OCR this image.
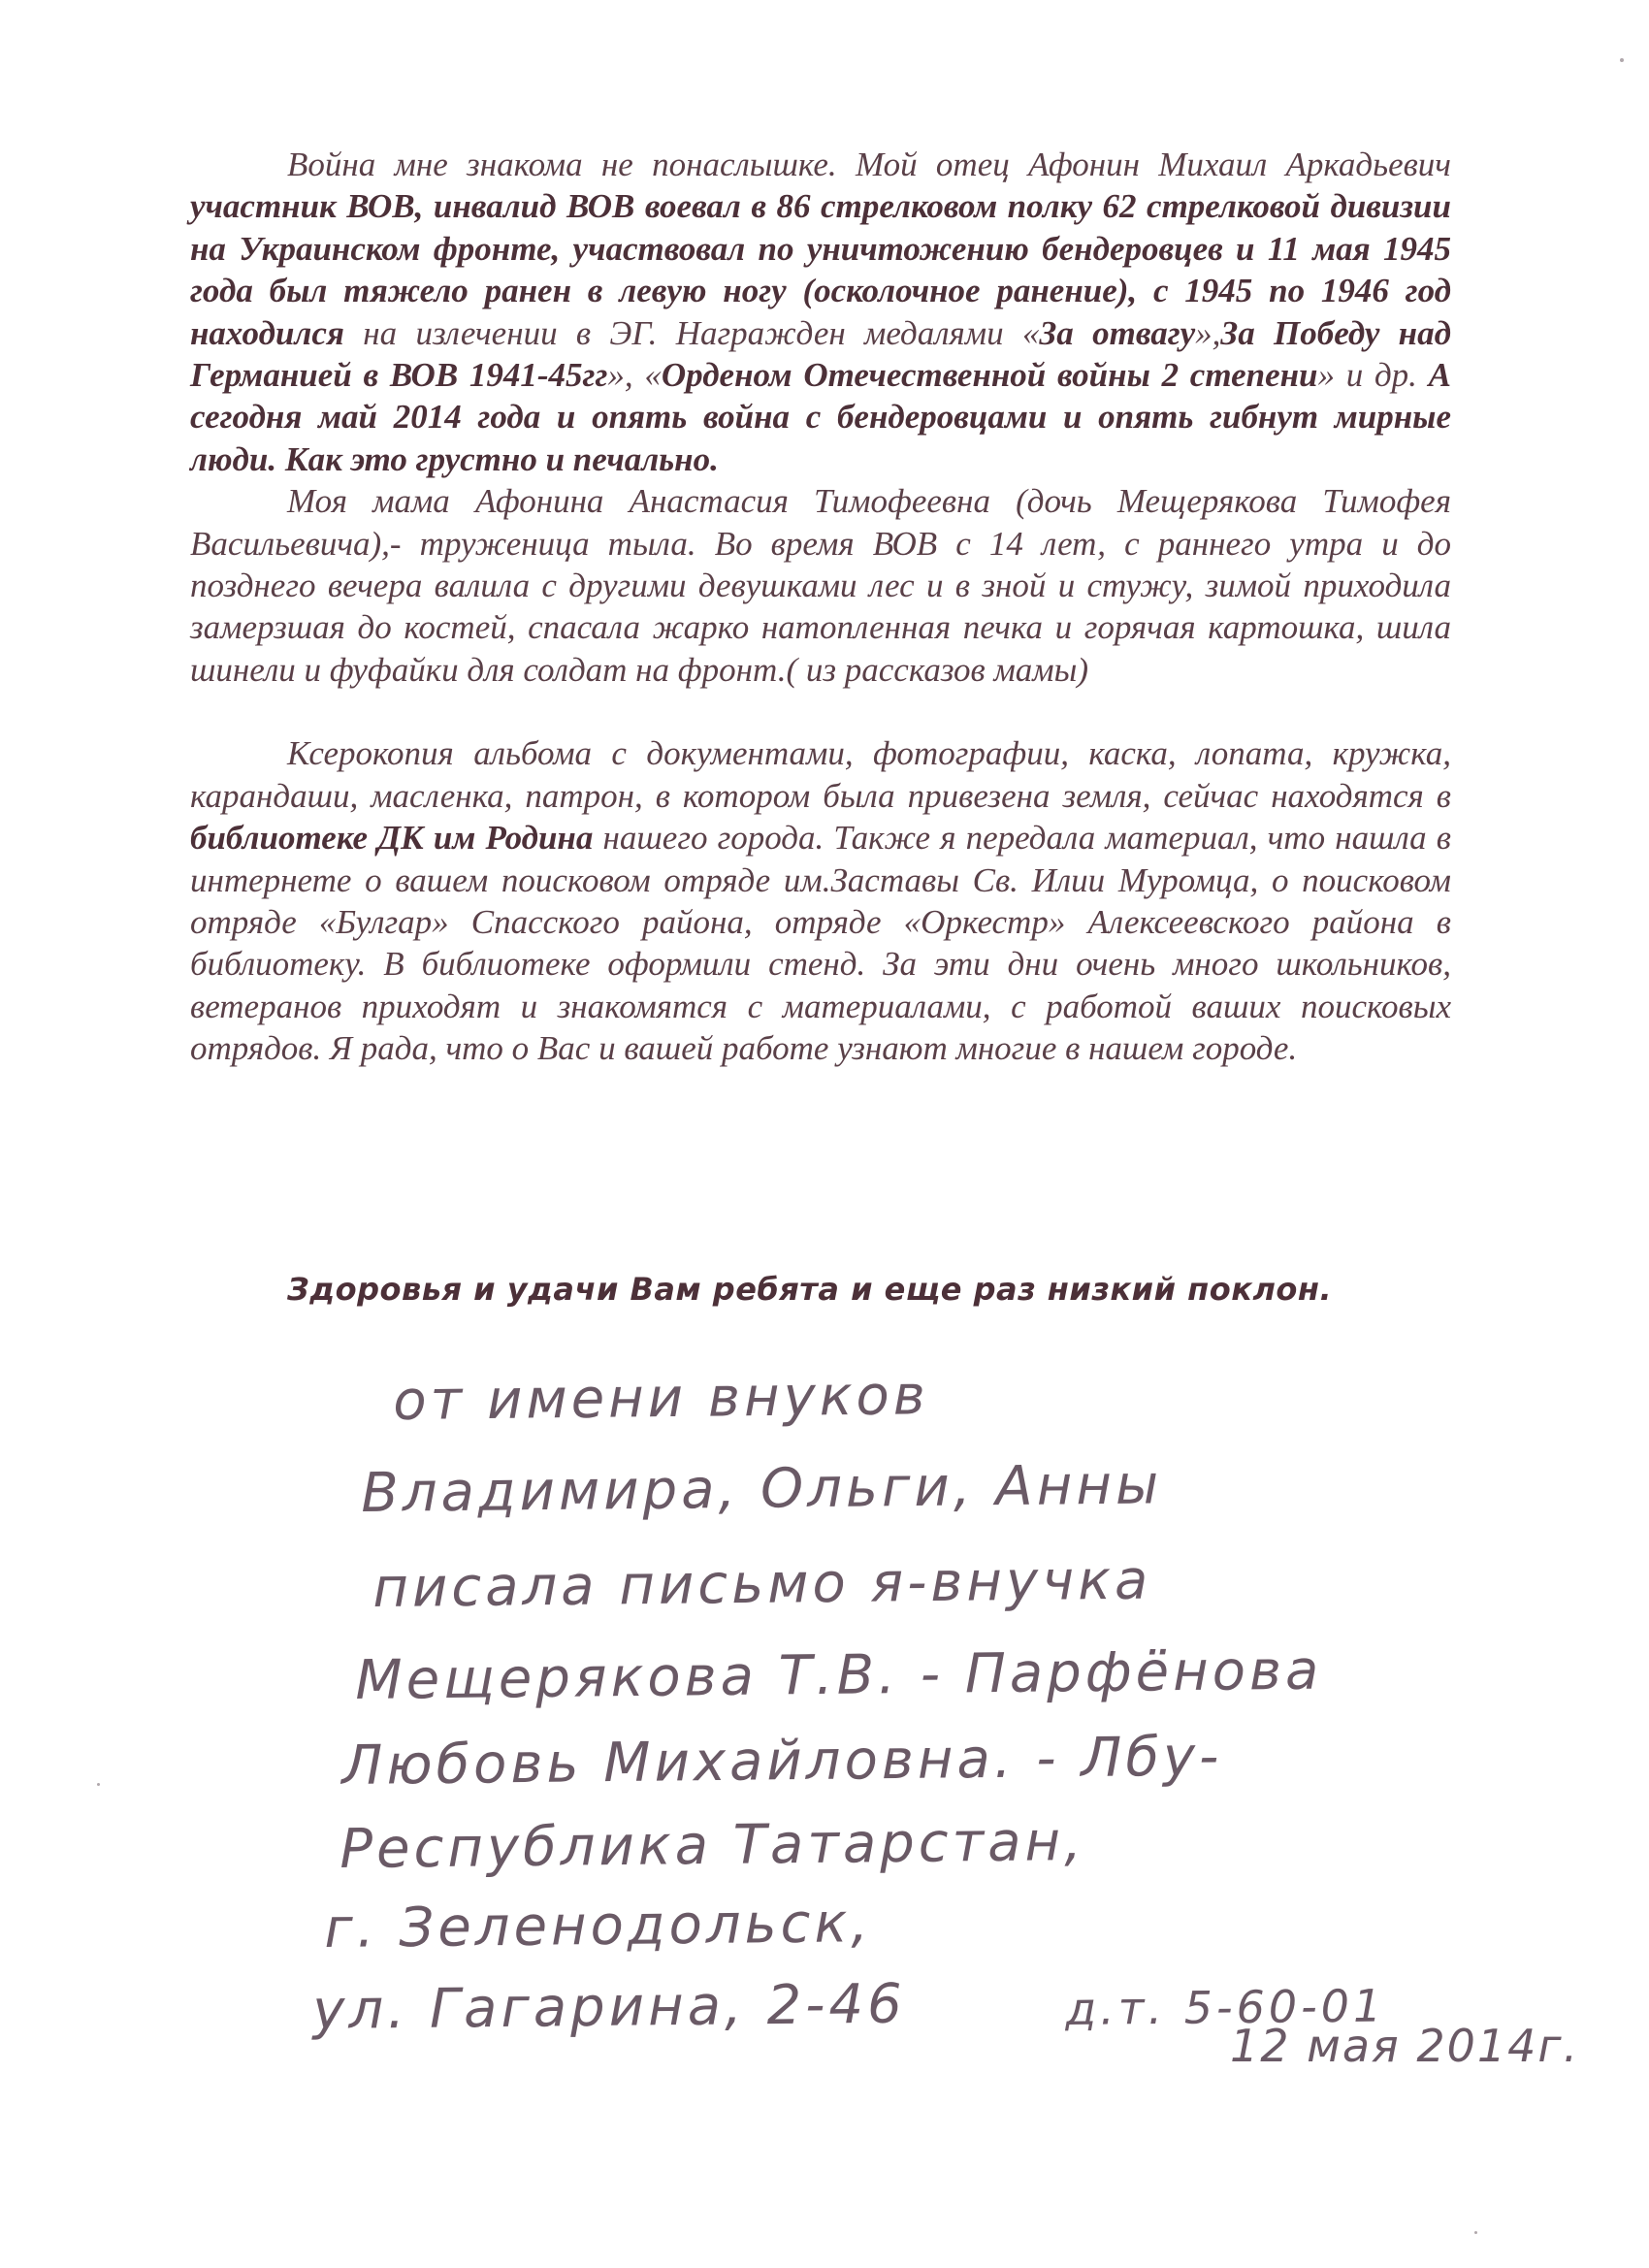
Война мне знакома не понаслышке. Мой отец Афонин Михаил Аркадьевич участник ВОВ, инвалид ВОВ воевал в 86 стрелковом полку 62 стрелковой дивизии на Украинском фронте, участвовал по уничтожению бендеровцев и 11 мая 1945 года был тяжело ранен в левую ногу (осколочное ранение), с 1945 по 1946 год находился на излечении в ЭГ. Награжден медалями «За отвагу»,За Победу над Германией в ВОВ 1941-45гг», «Орденом Отечественной войны 2 степени» и др. А сегодня май 2014 года и опять война с бендеровцами и опять гибнут мирные люди. Как это грустно и печально.

Моя мама Афонина Анастасия Тимофеевна (дочь Мещерякова Тимофея Васильевича),- труженица тыла. Во время ВОВ с 14 лет, с раннего утра и до позднего вечера валила с другими девушками лес и в зной и стужу, зимой приходила замерзшая до костей, спасала жарко натопленная печка и горячая картошка, шила шинели и фуфайки для солдат на фронт.( из рассказов мамы)

Ксерокопия альбома с документами, фотографии, каска, лопата, кружка, карандаши, масленка, патрон, в котором была привезена земля, сейчас находятся в библиотеке ДК им Родина нашего города. Также я передала материал, что нашла в интернете о вашем поисковом отряде им.Заставы Св. Илии Муромца, о поисковом отряде «Булгар» Спасского района, отряде «Оркестр» Алексеевского района в библиотеку. В библиотеке оформили стенд. За эти дни очень много школьников, ветеранов приходят и знакомятся с материалами, с работой ваших поисковых отрядов. Я рада, что о Вас и вашей работе узнают многие в нашем городе.

Здоровья и удачи Вам ребята и еще раз низкий поклон.
от имени внуков
Владимира, Ольги, Анны
писала письмо я-внучка
Мещерякова Т.В. - Парфёнова
Любовь Михайловна. - Лбу-
Республика Татарстан,
г. Зеленодольск,
ул. Гагарина, 2-46	д.т. 5-60-01
12 мая 2014г.
